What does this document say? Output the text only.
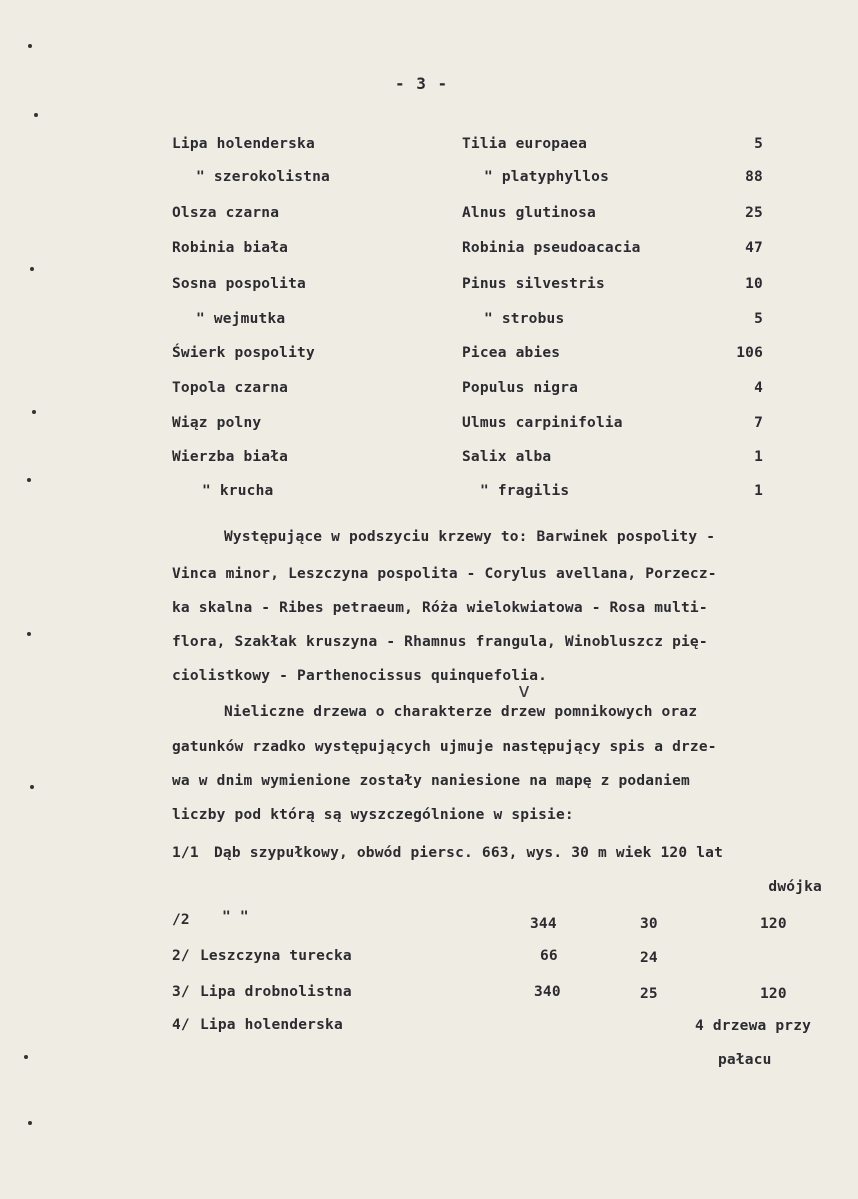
- 3 -
Lipa holenderska	Tilia europaea	5
" szerokolistna	" platyphyllos	88
Olsza czarna	Alnus glutinosa	25
Robinia biała	Robinia pseudoacacia	47
Sosna pospolita	Pinus silvestris	10
" wejmutka	" strobus	5
Świerk pospolity	Picea abies	106
Topola czarna	Populus nigra	4
Wiąz polny	Ulmus carpinifolia	7
Wierzba biała	Salix alba	1
" krucha	" fragilis	1
Występujące w podszyciu krzewy to: Barwinek pospolity -
Vinca minor, Leszczyna pospolita - Corylus avellana, Porzecz-
ka skalna - Ribes petraeum, Róża wielokwiatowa - Rosa multi-
flora, Szakłak kruszyna - Rhamnus frangula, Winobluszcz pię-
ciolistkowy - Parthenocissus quinquefolia.
v
Nieliczne drzewa o charakterze drzew pomnikowych oraz
gatunków rzadko występujących ujmuje następujący spis a drze-
wa w dnim wymienione zostały naniesione na mapę z podaniem
liczby pod którą są wyszczególnione w spisie:
1/1 Dąb szypułkowy, obwód piersc. 663, wys. 30 m wiek 120 lat
dwójka
/2 " "	344	30	120
2/ Leszczyna turecka	66	24
3/ Lipa drobnolistna	340	25	120
4/ Lipa holenderska	4 drzewa przy
pałacu
